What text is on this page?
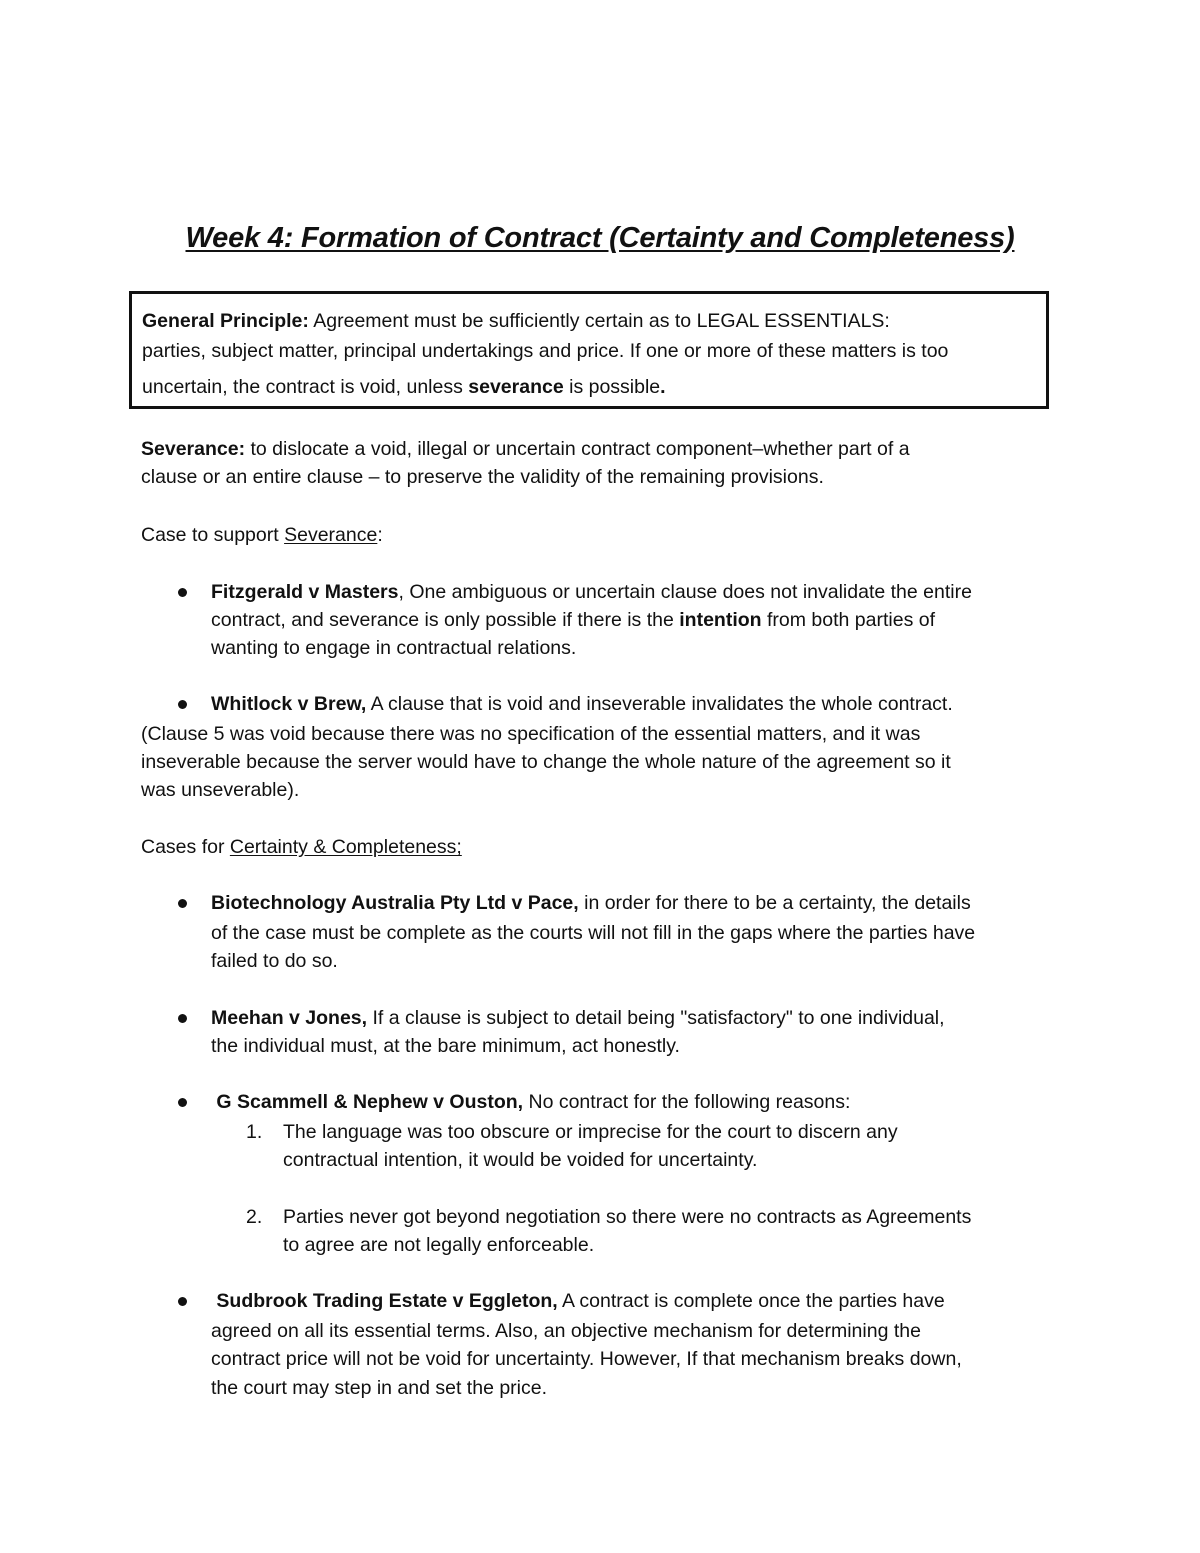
Week 4: Formation of Contract (Certainty and Completeness)

General Principle: Agreement must be sufficiently certain as to LEGAL ESSENTIALS:

parties, subject matter, principal undertakings and price. If one or more of these matters is too

uncertain, the contract is void, unless severance is possible.

Severance: to dislocate a void, illegal or uncertain contract component–whether part of a
clause or an entire clause – to preserve the validity of the remaining provisions.
Case to support Severance:
Fitzgerald v Masters, One ambiguous or uncertain clause does not invalidate the entire
contract, and severance is only possible if there is the intention from both parties of
wanting to engage in contractual relations.
Whitlock v Brew, A clause that is void and inseverable invalidates the whole contract.
(Clause 5 was void because there was no specification of the essential matters, and it was
inseverable because the server would have to change the whole nature of the agreement so it
was unseverable).
Cases for Certainty & Completeness;
Biotechnology Australia Pty Ltd v Pace, in order for there to be a certainty, the details
of the case must be complete as the courts will not fill in the gaps where the parties have
failed to do so.
Meehan v Jones, If a clause is subject to detail being "satisfactory" to one individual,
the individual must, at the bare minimum, act honestly.
G Scammell & Nephew v Ouston, No contract for the following reasons:
1. The language was too obscure or imprecise for the court to discern any
contractual intention, it would be voided for uncertainty.
2. Parties never got beyond negotiation so there were no contracts as Agreements
to agree are not legally enforceable.
Sudbrook Trading Estate v Eggleton, A contract is complete once the parties have
agreed on all its essential terms. Also, an objective mechanism for determining the
contract price will not be void for uncertainty. However, If that mechanism breaks down,
the court may step in and set the price.
